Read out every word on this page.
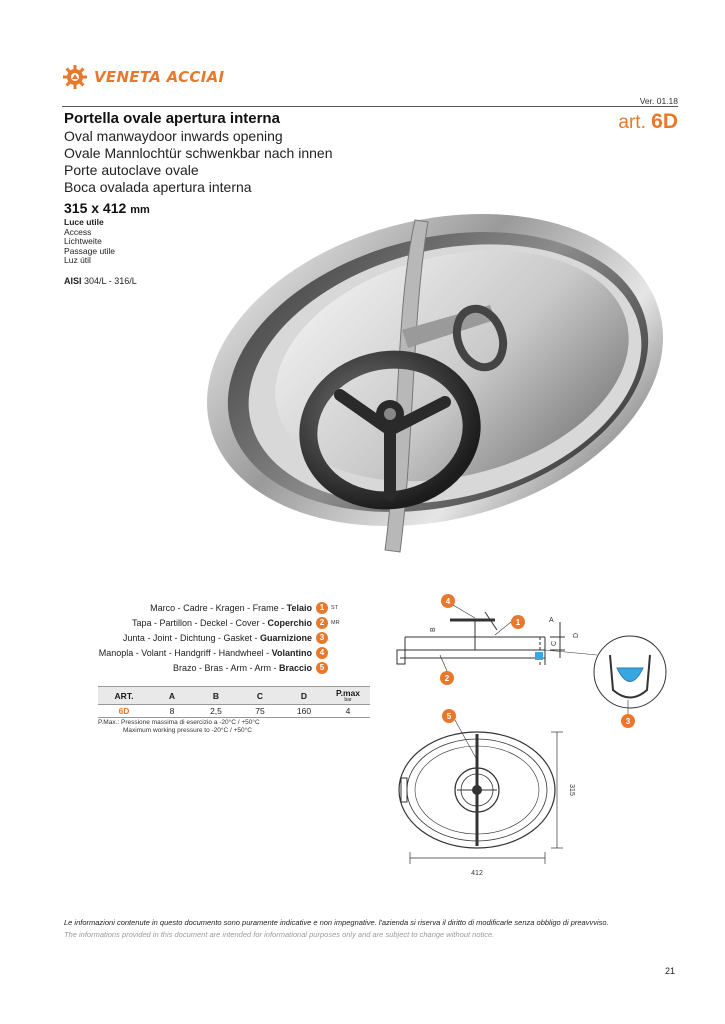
VENETA ACCIAI
Ver. 01.18
art. 6D
Portella ovale apertura interna
Oval manwaydoor inwards opening
Ovale Mannlochtür schwenkbar nach innen
Porte autoclave ovale
Boca ovalada apertura interna
315 x 412 mm
Luce utile
Access
Lichtweite
Passage utile
Luz útil
AISI 304/L - 316/L
Marco - Cadre - Kragen - Frame - Telaio 1	ST
Tapa - Partillon - Deckel - Cover - Coperchio 2	MR
Junta - Joint - Dichtung - Gasket - Guarnizione 3
Manopla - Volant - Handgriff - Handwheel - Volantino 4
Brazo - Bras - Arm - Arm - Braccio 5
ART.	A	B	C	D	P.max
bar

6D	8	2,5	75	160	4
P.Max.: Pressione massima di esercizio a -20°C / +50°C
Maximum working pressure to -20°C / +50°C
B
A
C
D
412
315
4
1
2
3
5
Le informazioni contenute in questo documento sono puramente indicative e non impegnative. l'azienda si riserva il diritto di modificarle senza obbligo di preavvviso.
The informations provided in this document are intended for informational purposes only and are subject to change without notice.
21
